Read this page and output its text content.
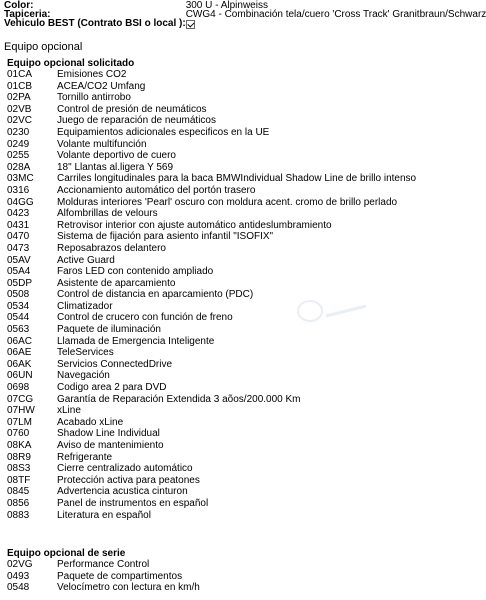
Color:	300 U - Alpinweiss
Tapiceria:	CWG4 - Combinación tela/cuero 'Cross Track' Granitbraun/Schwarz
Vehiculo BEST (Contrato BSI o local ):	
Equipo opcional
Equipo opcional solicitado
01CA Emisiones CO2
01CB ACEA/CO2 Umfang
02PA	Tornillo antirrobo
02VB	Control de presión de neumáticos
02VC Juego de reparación de neumáticos
0230	Equipamientos adicionales especificos en la UE
0249	Volante multifunción
0255	Volante deportivo de cuero
028A	18" Llantas al.ligera Y 569
03MC Carriles longitudinales para la baca BMWIndividual Shadow Line de brillo intenso
0316	Accionamiento automático del portón trasero
04GG Molduras interiores 'Pearl' oscuro con moldura acent. cromo de brillo perlado
0423	Alfombrillas de velours
0431	Retrovisor interior con ajuste automático antideslumbramiento
0470	Sistema de fijación para asiento infantil "ISOFIX"
0473	Reposabrazos delantero
05AV	Active Guard
05A4	Faros LED con contenido ampliado
05DP Asistente de aparcamiento
0508	Control de distancia en aparcamiento (PDC)
0534	Climatizador
0544	Control de crucero con función de freno
0563	Paquete de iluminación
06AC Llamada de Emergencia Inteligente
06AE	TeleServices
06AK	Servicios ConnectedDrive
06UN Navegación
0698	Codigo area 2 para DVD
07CG Garantía de Reparación Extendida 3 aõos/200.000 Km
07HW xLine
07LM Acabado xLine
0760	Shadow Line Individual
08KA	Aviso de mantenimiento
08R9	Refrigerante
08S3	Cierre centralizado automático
08TF	Protección activa para peatones
0845	Advertencia acustica cinturon
0856	Panel de instrumentos en español
0883	Literatura en español
Equipo opcional de serie
02VG Performance Control
0493	Paquete de compartimentos
0548	Velocímetro con lectura en km/h
